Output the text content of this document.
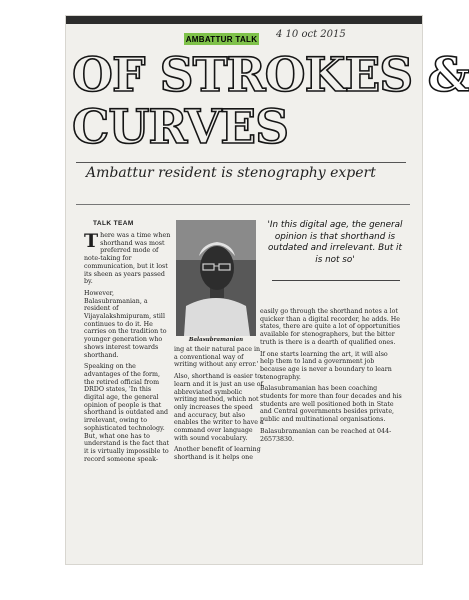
AMBATTUR TALK 4 10 oct 2015
OF STROKES &
CURVES
Ambattur resident is stenography expert
TALK TEAM

There was a time when shorthand was most preferred mode of note-taking for communication, but it lost its sheen as years passed by.

However, Balasubramanian, a resident of Vijayalakshmipuram, still continues to do it. He carries on the tradition to younger generation who shows interest towards shorthand.

Speaking on the advantages of the form, the retired official from DRDO states, 'In this digital age, the general opinion of people is that shorthand is outdated and irrelevant, owing to sophisticated technology. But, what one has to understand is the fact that it is virtually impossible to record someone speak-

Balasubramanian

ing at their natural pace in a conventional way of writing without any error.'

Also, shorthand is easier to learn and it is just an use of abbreviated symbolic writing method, which not only increases the speed and accuracy, but also enables the writer to have a command over language with sound vocabulary.

Another benefit of learning shorthand is it helps one

'In this digital age, the general opinion is that shorthand is outdated and irrelevant. But it is not so'

easily go through the shorthand notes a lot quicker than a digital recorder, he adds. He states, there are quite a lot of opportunities available for stenographers, but the bitter truth is there is a dearth of qualified ones.

If one starts learning the art, it will also help them to land a government job because age is never a boundary to learn stenography.

Balasubramanian has been coaching students for more than four decades and his students are well positioned both in State and Central governments besides private, public and multinational organisations.

Balasubramanian can be reached at 044-26573830.
